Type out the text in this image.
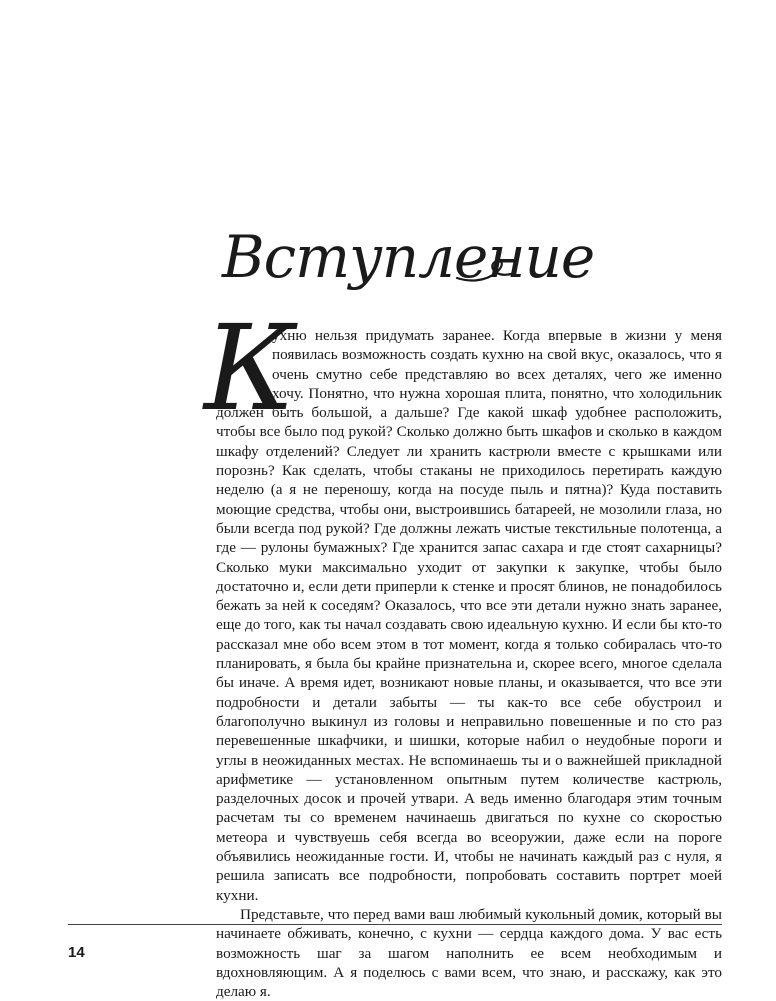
Вступление
К

ухню нельзя придумать заранее. Когда впервые в жизни у меня появилась возможность создать кухню на свой вкус, оказалось, что я очень смутно себе представляю во всех деталях, чего же именно хочу. Понятно, что нужна хорошая плита, понятно, что холодильник должен быть большой, а дальше? Где какой шкаф удобнее расположить, чтобы все было под рукой? Сколько должно быть шкафов и сколько в каждом шкафу отделений? Следует ли хранить кастрюли вместе с крышками или порознь? Как сделать, чтобы стаканы не приходилось перетирать каждую неделю (а я не переношу, когда на посуде пыль и пятна)? Куда поставить моющие средства, чтобы они, выстроившись батареей, не мозолили глаза, но были всегда под рукой? Где должны лежать чистые текстильные полотенца, а где — рулоны бумажных? Где хранится запас сахара и где стоят сахарницы? Сколько муки максимально уходит от закупки к закупке, чтобы было достаточно и, если дети приперли к стенке и просят блинов, не понадобилось бежать за ней к соседям? Оказалось, что все эти детали нужно знать заранее, еще до того, как ты начал создавать свою идеальную кухню. И если бы кто-то рассказал мне обо всем этом в тот момент, когда я только собиралась что-то планировать, я была бы крайне признательна и, скорее всего, многое сделала бы иначе. А время идет, возникают новые планы, и оказывается, что все эти подробности и детали забыты — ты как-то все себе обустроил и благополучно выкинул из головы и неправильно повешенные и по сто раз перевешенные шкафчики, и шишки, которые набил о неудобные пороги и углы в неожиданных местах. Не вспоминаешь ты и о важнейшей прикладной арифметике — установленном опытным путем количестве кастрюль, разделочных досок и прочей утвари. А ведь именно благодаря этим точным расчетам ты со временем начинаешь двигаться по кухне со скоростью метеора и чувствуешь себя всегда во всеоружии, даже если на пороге объявились неожиданные гости. И, чтобы не начинать каждый раз с нуля, я решила записать все подробности, попробовать составить портрет моей кухни.

Представьте, что перед вами ваш любимый кукольный домик, который вы начинаете обживать, конечно, с кухни — сердца каждого дома. У вас есть возможность шаг за шагом наполнить ее всем необходимым и вдохновляющим. А я поделюсь с вами всем, что знаю, и расскажу, как это делаю я.

14
